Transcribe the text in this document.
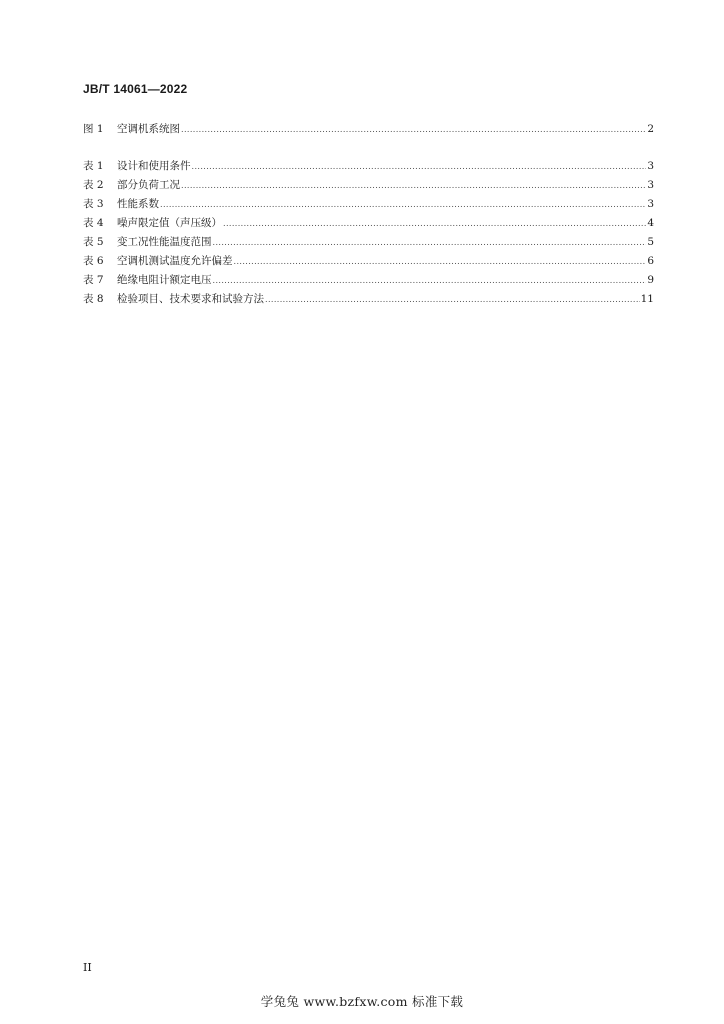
JB/T 14061—2022
图 1	空调机系统图 .....	2
表 1	设计和使用条件 .....	3
表 2	部分负荷工况 .....	3
表 3	性能系数 .....	3
表 4	噪声限定值（声压级） .....	4
表 5	变工况性能温度范围 .....	5
表 6	空调机测试温度允许偏差 .....	6
表 7	绝缘电阻计额定电压 .....	9
表 8	检验项目、技术要求和试验方法 .....	11
II
学兔兔 www.bzfxw.com 标准下载
